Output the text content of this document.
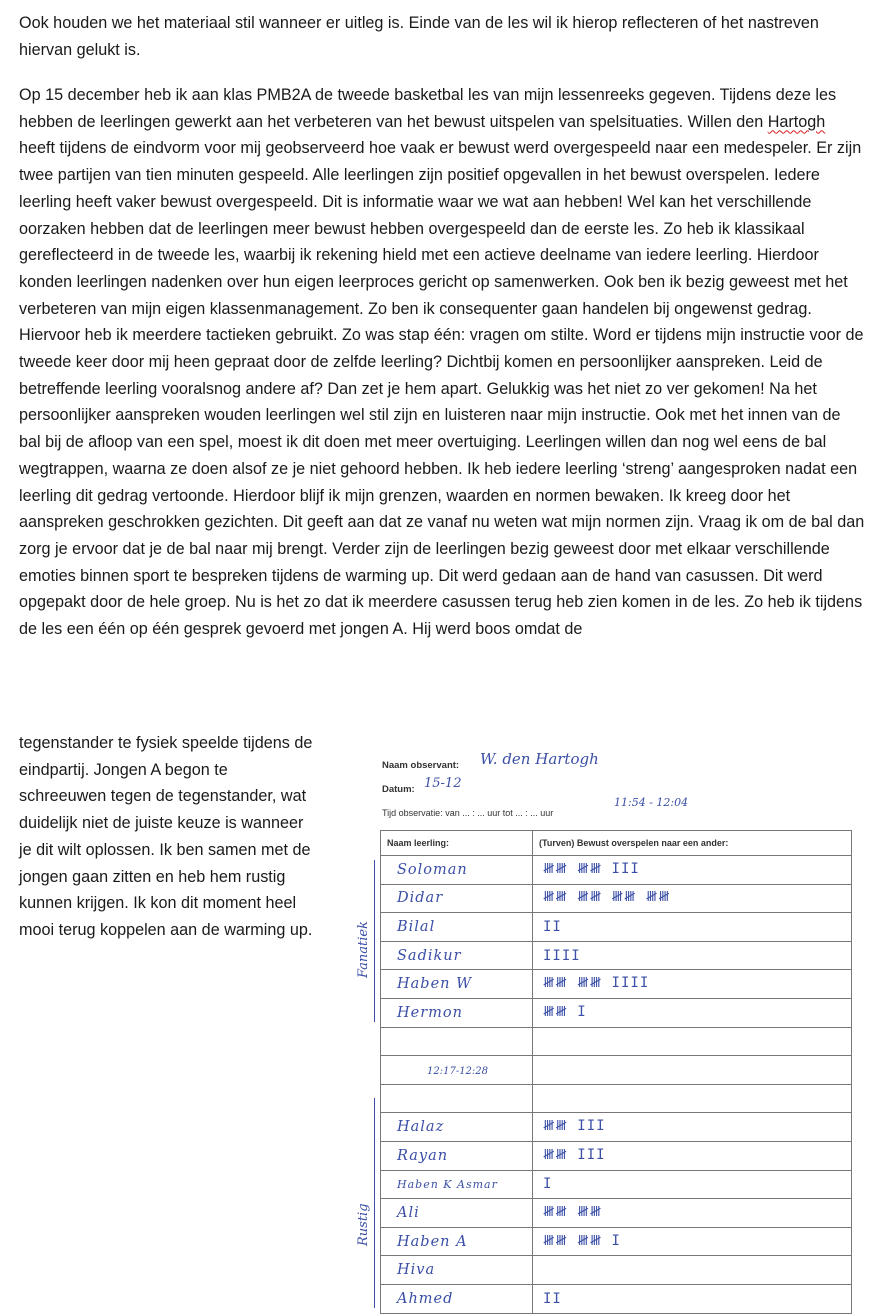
Ook houden we het materiaal stil wanneer er uitleg is. Einde van de les wil ik hierop reflecteren of het nastreven hiervan gelukt is.

Op 15 december heb ik aan klas PMB2A de tweede basketbal les van mijn lessenreeks gegeven. Tijdens deze les hebben de leerlingen gewerkt aan het verbeteren van het bewust uitspelen van spelsituaties. Willen den Hartogh heeft tijdens de eindvorm voor mij geobserveerd hoe vaak er bewust werd overgespeeld naar een medespeler. Er zijn twee partijen van tien minuten gespeeld. Alle leerlingen zijn positief opgevallen in het bewust overspelen. Iedere leerling heeft vaker bewust overgespeeld. Dit is informatie waar we wat aan hebben! Wel kan het verschillende oorzaken hebben dat de leerlingen meer bewust hebben overgespeeld dan de eerste les. Zo heb ik klassikaal gereflecteerd in de tweede les, waarbij ik rekening hield met een actieve deelname van iedere leerling. Hierdoor konden leerlingen nadenken over hun eigen leerproces gericht op samenwerken. Ook ben ik bezig geweest met het verbeteren van mijn eigen klassenmanagement. Zo ben ik consequenter gaan handelen bij ongewenst gedrag. Hiervoor heb ik meerdere tactieken gebruikt. Zo was stap één: vragen om stilte. Word er tijdens mijn instructie voor de tweede keer door mij heen gepraat door de zelfde leerling? Dichtbij komen en persoonlijker aanspreken. Leid de betreffende leerling vooralsnog andere af? Dan zet je hem apart. Gelukkig was het niet zo ver gekomen! Na het persoonlijker aanspreken wouden leerlingen wel stil zijn en luisteren naar mijn instructie. Ook met het innen van de bal bij de afloop van een spel, moest ik dit doen met meer overtuiging. Leerlingen willen dan nog wel eens de bal wegtrappen, waarna ze doen alsof ze je niet gehoord hebben. Ik heb iedere leerling ‘streng’ aangesproken nadat een leerling dit gedrag vertoonde. Hierdoor blijf ik mijn grenzen, waarden en normen bewaken. Ik kreeg door het aanspreken geschrokken gezichten. Dit geeft aan dat ze vanaf nu weten wat mijn normen zijn. Vraag ik om de bal dan zorg je ervoor dat je de bal naar mij brengt. Verder zijn de leerlingen bezig geweest door met elkaar verschillende emoties binnen sport te bespreken tijdens de warming up. Dit werd gedaan aan de hand van casussen. Dit werd opgepakt door de hele groep. Nu is het zo dat ik meerdere casussen terug heb zien komen in de les. Zo heb ik tijdens de les een één op één gesprek gevoerd met jongen A. Hij werd boos omdat de

tegenstander te fysiek speelde tijdens de eindpartij. Jongen A begon te schreeuwen tegen de tegenstander, wat duidelijk niet de juiste keuze is wanneer je dit wilt oplossen. Ik ben samen met de jongen gaan zitten en heb hem rustig kunnen krijgen. Ik kon dit moment heel mooi terug koppelen aan de warming up.

Naam observant: W. den Hartogh
Datum: 15-12
Tijd observatie: van ... : ... uur tot ... : ... uur
11:54 - 12:04
Fanatiek
Rustig
Naam leerling:	(Turven) Bewust overspelen naar een ander:
Soloman	𝍸𝍸 𝍸𝍸 III
Didar	𝍸𝍸 𝍸𝍸 𝍸𝍸 𝍸𝍸
Bilal	II
Sadikur	IIII
Haben W	𝍸𝍸 𝍸𝍸 IIII
Hermon	𝍸𝍸 I

12:17-12:28	

Halaz	𝍸𝍸 III
Rayan	𝍸𝍸 III
Haben K Asmar	I
Ali	𝍸𝍸 𝍸𝍸
Haben A	𝍸𝍸 𝍸𝍸 I
Hiva	
Ahmed	II
